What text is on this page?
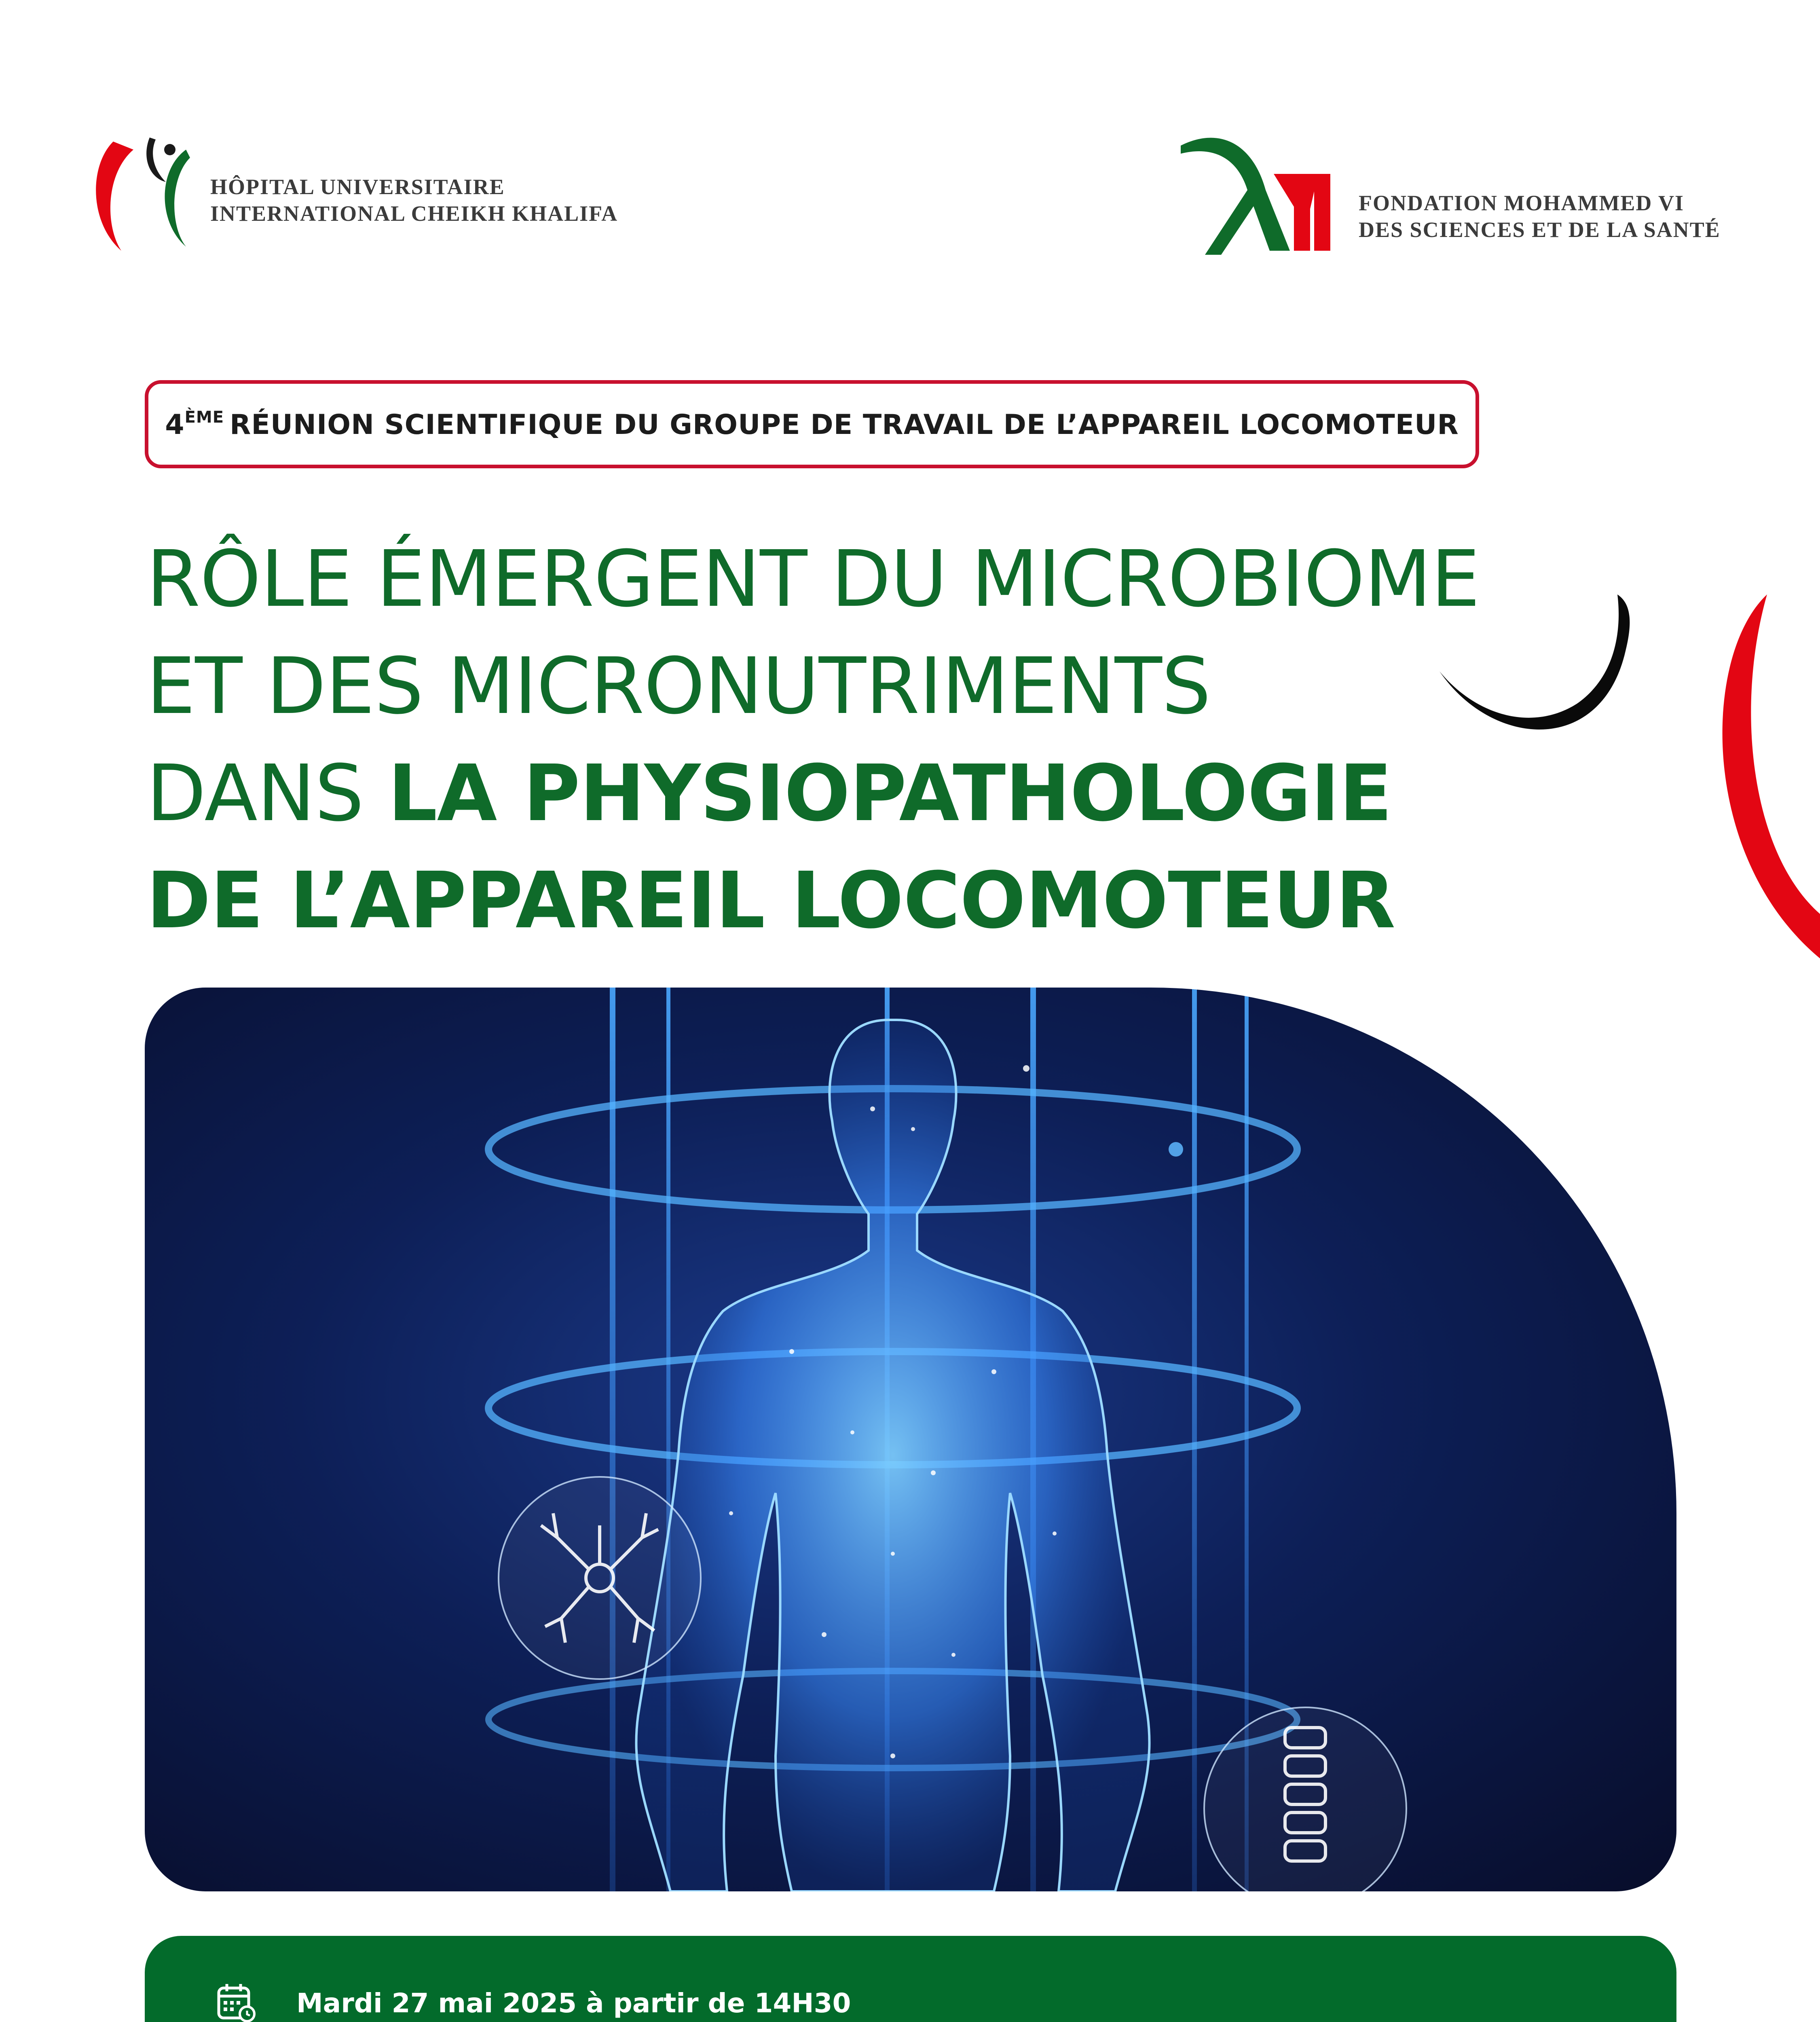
HÔPITAL UNIVERSITAIRE
INTERNATIONAL CHEIKH KHALIFA	FONDATION MOHAMMED VI
DES SCIENCES ET DE LA SANTÉ
4ÈME RÉUNION SCIENTIFIQUE DU GROUPE DE TRAVAIL DE L’APPAREIL LOCOMOTEUR
RÔLE ÉMERGENT DU MICROBIOME
ET DES MICRONUTRIMENTS
DANS LA PHYSIOPATHOLOGIE
DE L’APPAREIL LOCOMOTEUR
Mardi 27 mai 2025 à partir de 14H30
